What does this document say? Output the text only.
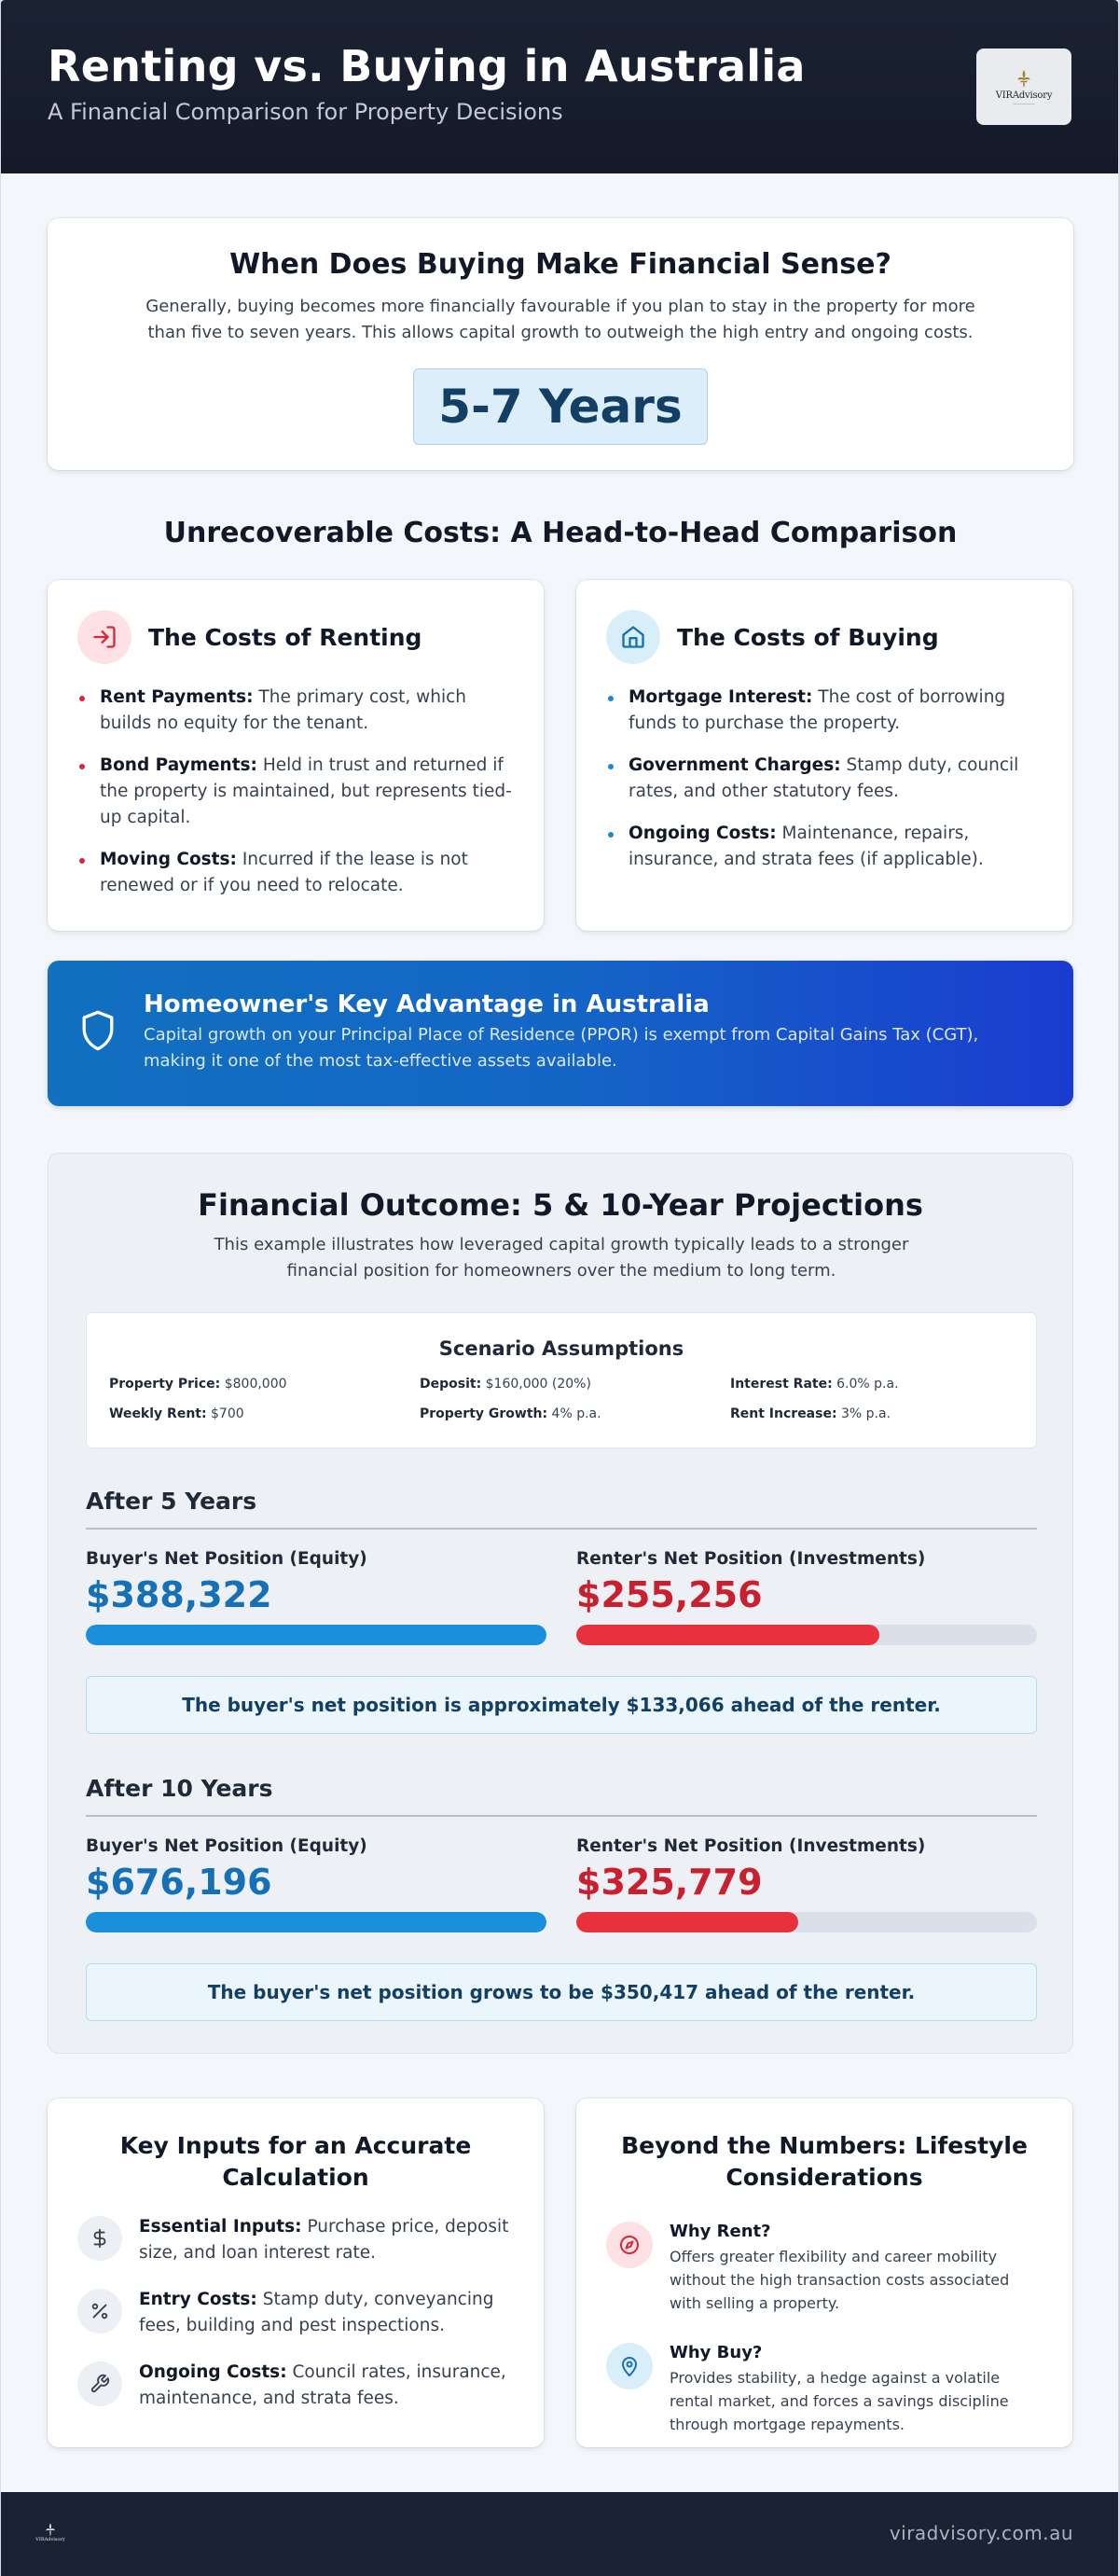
Renting vs. Buying in Australia
A Financial Comparison for Property Decisions
VIRAdvisory
——————
When Does Buying Make Financial Sense?

Generally, buying becomes more financially favourable if you plan to stay in the property for more than five to seven years. This allows capital growth to outweigh the high entry and ongoing costs.

5-7 Years
Unrecoverable Costs: A Head-to-Head Comparison
The Costs of Renting
Rent Payments: The primary cost, which builds no equity for the tenant.
Bond Payments: Held in trust and returned if the property is maintained, but represents tied-up capital.
Moving Costs: Incurred if the lease is not renewed or if you need to relocate.
The Costs of Buying
Mortgage Interest: The cost of borrowing funds to purchase the property.
Government Charges: Stamp duty, council rates, and other statutory fees.
Ongoing Costs: Maintenance, repairs, insurance, and strata fees (if applicable).
Homeowner's Key Advantage in Australia

Capital growth on your Principal Place of Residence (PPOR) is exempt from Capital Gains Tax (CGT), making it one of the most tax-effective assets available.

Financial Outcome: 5 & 10-Year Projections
This example illustrates how leveraged capital growth typically leads to a stronger financial position for homeowners over the medium to long term.
Scenario Assumptions
Property Price: $800,000	Deposit: $160,000 (20%)	Interest Rate: 6.0% p.a.
Weekly Rent: $700	Property Growth: 4% p.a.	Rent Increase: 3% p.a.
After 5 Years
Buyer's Net Position (Equity)
$388,322
Renter's Net Position (Investments)
$255,256
The buyer's net position is approximately $133,066 ahead of the renter.
After 10 Years
Buyer's Net Position (Equity)
$676,196
Renter's Net Position (Investments)
$325,779
The buyer's net position grows to be $350,417 ahead of the renter.
Key Inputs for an Accurate Calculation
Essential Inputs: Purchase price, deposit size, and loan interest rate.
Entry Costs: Stamp duty, conveyancing fees, building and pest inspections.
Ongoing Costs: Council rates, insurance, maintenance, and strata fees.
Beyond the Numbers: Lifestyle Considerations
Why Rent?
Offers greater flexibility and career mobility without the high transaction costs associated with selling a property.
Why Buy?
Provides stability, a hedge against a volatile rental market, and forces a savings discipline through mortgage repayments.
VIRAdvisory	viradvisory.com.au
